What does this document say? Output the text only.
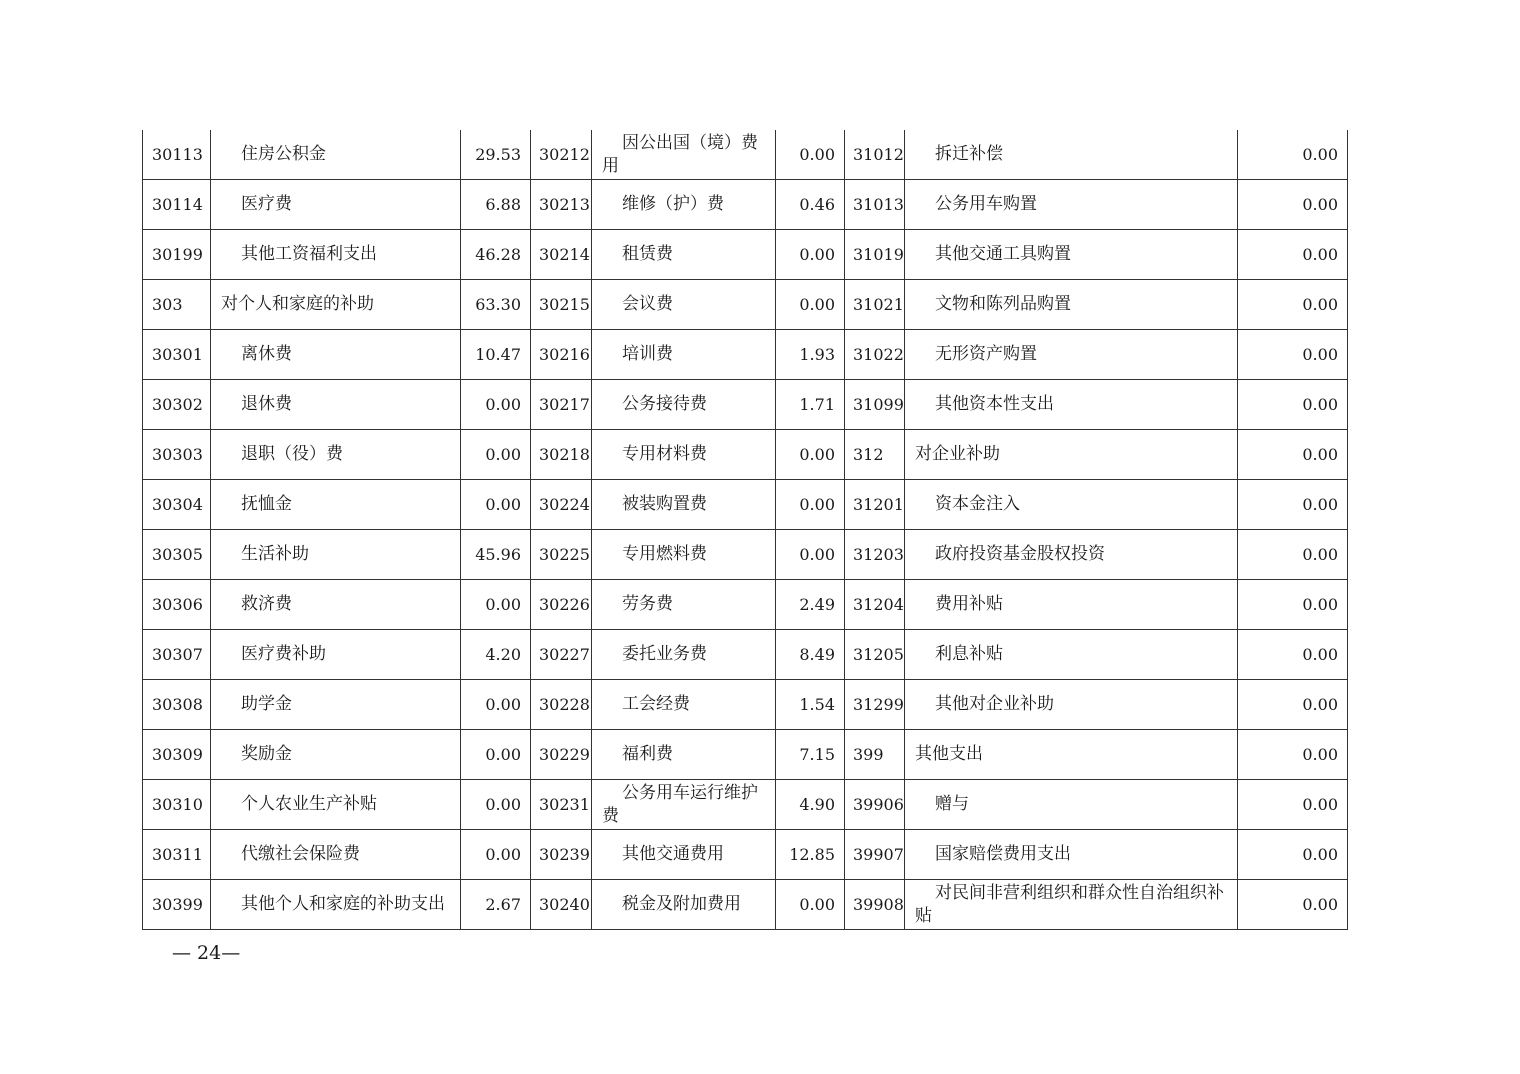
30113	住房公积金	29.53	30212	因公出国（境）费用	0.00	31012	拆迁补偿	0.00
30114	医疗费	6.88	30213	维修（护）费	0.46	31013	公务用车购置	0.00
30199	其他工资福利支出	46.28	30214	租赁费	0.00	31019	其他交通工具购置	0.00
303	对个人和家庭的补助	63.30	30215	会议费	0.00	31021	文物和陈列品购置	0.00
30301	离休费	10.47	30216	培训费	1.93	31022	无形资产购置	0.00
30302	退休费	0.00	30217	公务接待费	1.71	31099	其他资本性支出	0.00
30303	退职（役）费	0.00	30218	专用材料费	0.00	312	对企业补助	0.00
30304	抚恤金	0.00	30224	被装购置费	0.00	31201	资本金注入	0.00
30305	生活补助	45.96	30225	专用燃料费	0.00	31203	政府投资基金股权投资	0.00
30306	救济费	0.00	30226	劳务费	2.49	31204	费用补贴	0.00
30307	医疗费补助	4.20	30227	委托业务费	8.49	31205	利息补贴	0.00
30308	助学金	0.00	30228	工会经费	1.54	31299	其他对企业补助	0.00
30309	奖励金	0.00	30229	福利费	7.15	399	其他支出	0.00
30310	个人农业生产补贴	0.00	30231	公务用车运行维护费	4.90	39906	赠与	0.00
30311	代缴社会保险费	0.00	30239	其他交通费用	12.85	39907	国家赔偿费用支出	0.00
30399	其他个人和家庭的补助支出	2.67	30240	税金及附加费用	0.00	39908	对民间非营利组织和群众性自治组织补贴	0.00
— 24—
